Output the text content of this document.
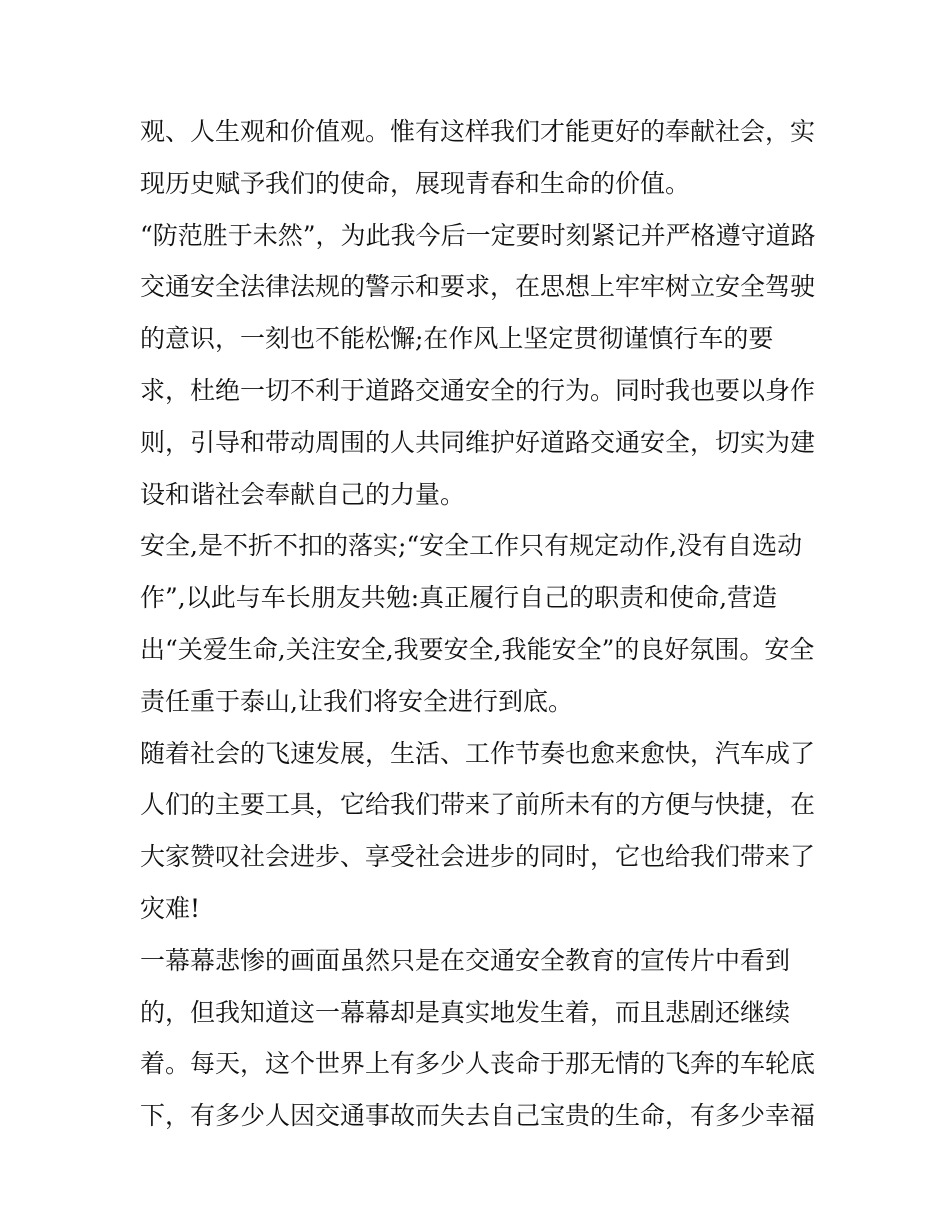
观、人生观和价值观。惟有这样我们才能更好的奉献社会，实
现历史赋予我们的使命，展现青春和生命的价值。
“防范胜于未然”，为此我今后一定要时刻紧记并严格遵守道路
交通安全法律法规的警示和要求，在思想上牢牢树立安全驾驶
的意识，一刻也不能松懈;在作风上坚定贯彻谨慎行车的要
求，杜绝一切不利于道路交通安全的行为。同时我也要以身作
则，引导和带动周围的人共同维护好道路交通安全，切实为建
设和谐社会奉献自己的力量。
安全,是不折不扣的落实;“安全工作只有规定动作,没有自选动
作”,以此与车长朋友共勉:真正履行自己的职责和使命,营造
出“关爱生命,关注安全,我要安全,我能安全”的良好氛围。安全
责任重于泰山,让我们将安全进行到底。
随着社会的飞速发展，生活、工作节奏也愈来愈快，汽车成了
人们的主要工具，它给我们带来了前所未有的方便与快捷，在
大家赞叹社会进步、享受社会进步的同时，它也给我们带来了
灾难!
一幕幕悲惨的画面虽然只是在交通安全教育的宣传片中看到
的，但我知道这一幕幕却是真实地发生着，而且悲剧还继续
着。每天，这个世界上有多少人丧命于那无情的飞奔的车轮底
下，有多少人因交通事故而失去自己宝贵的生命，有多少幸福
